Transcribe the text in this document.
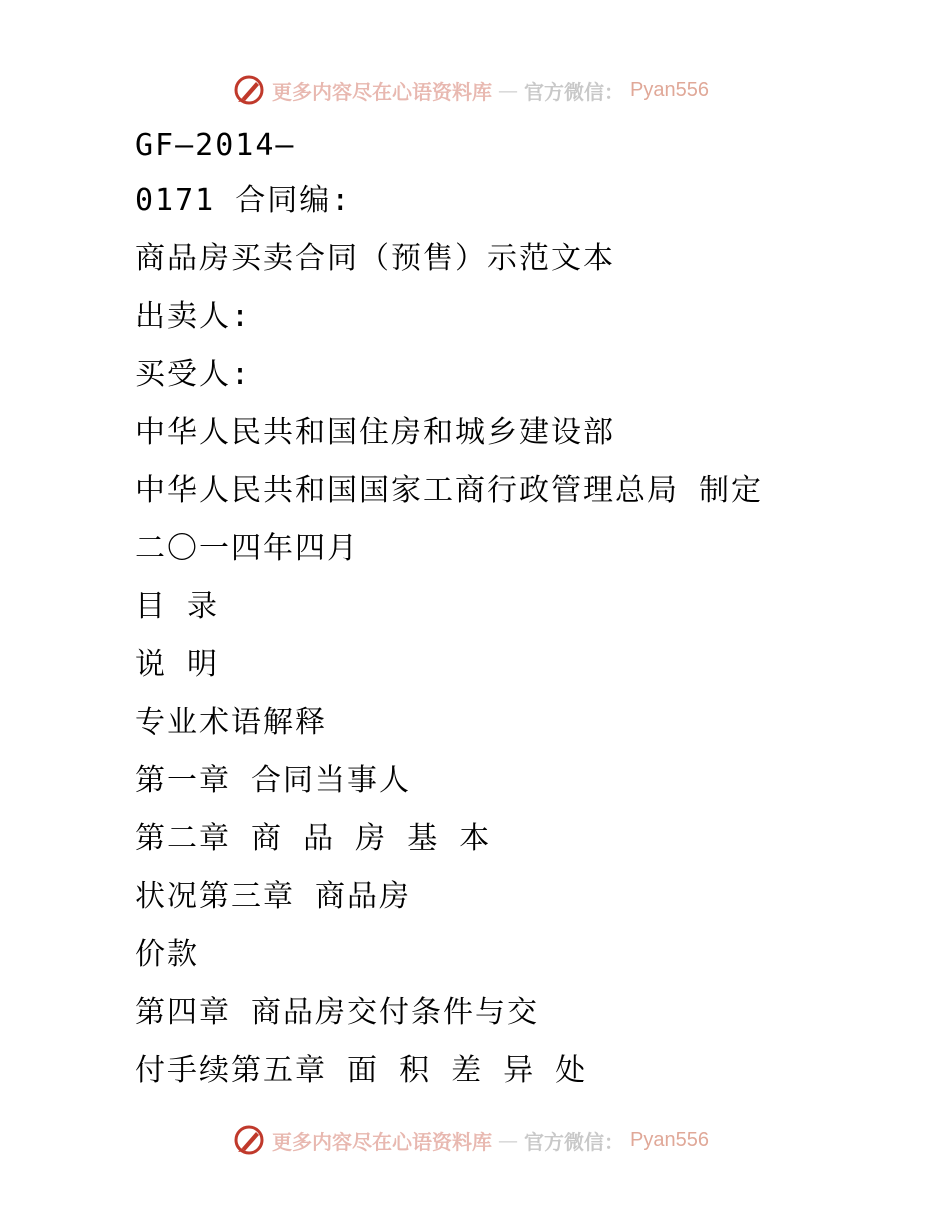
更多内容尽在心语资料库 — 官方微信： Pyan556
GF—2014—
0171 合同编:
商品房买卖合同（预售）示范文本
出卖人:
买受人:
中华人民共和国住房和城乡建设部
中华人民共和国国家工商行政管理总局 制定
二〇一四年四月
目 录
说 明
专业术语解释
第一章 合同当事人
第二章 商 品 房 基 本
状况第三章 商品房
价款
第四章 商品房交付条件与交
付手续第五章 面 积 差 异 处
更多内容尽在心语资料库 — 官方微信： Pyan556
